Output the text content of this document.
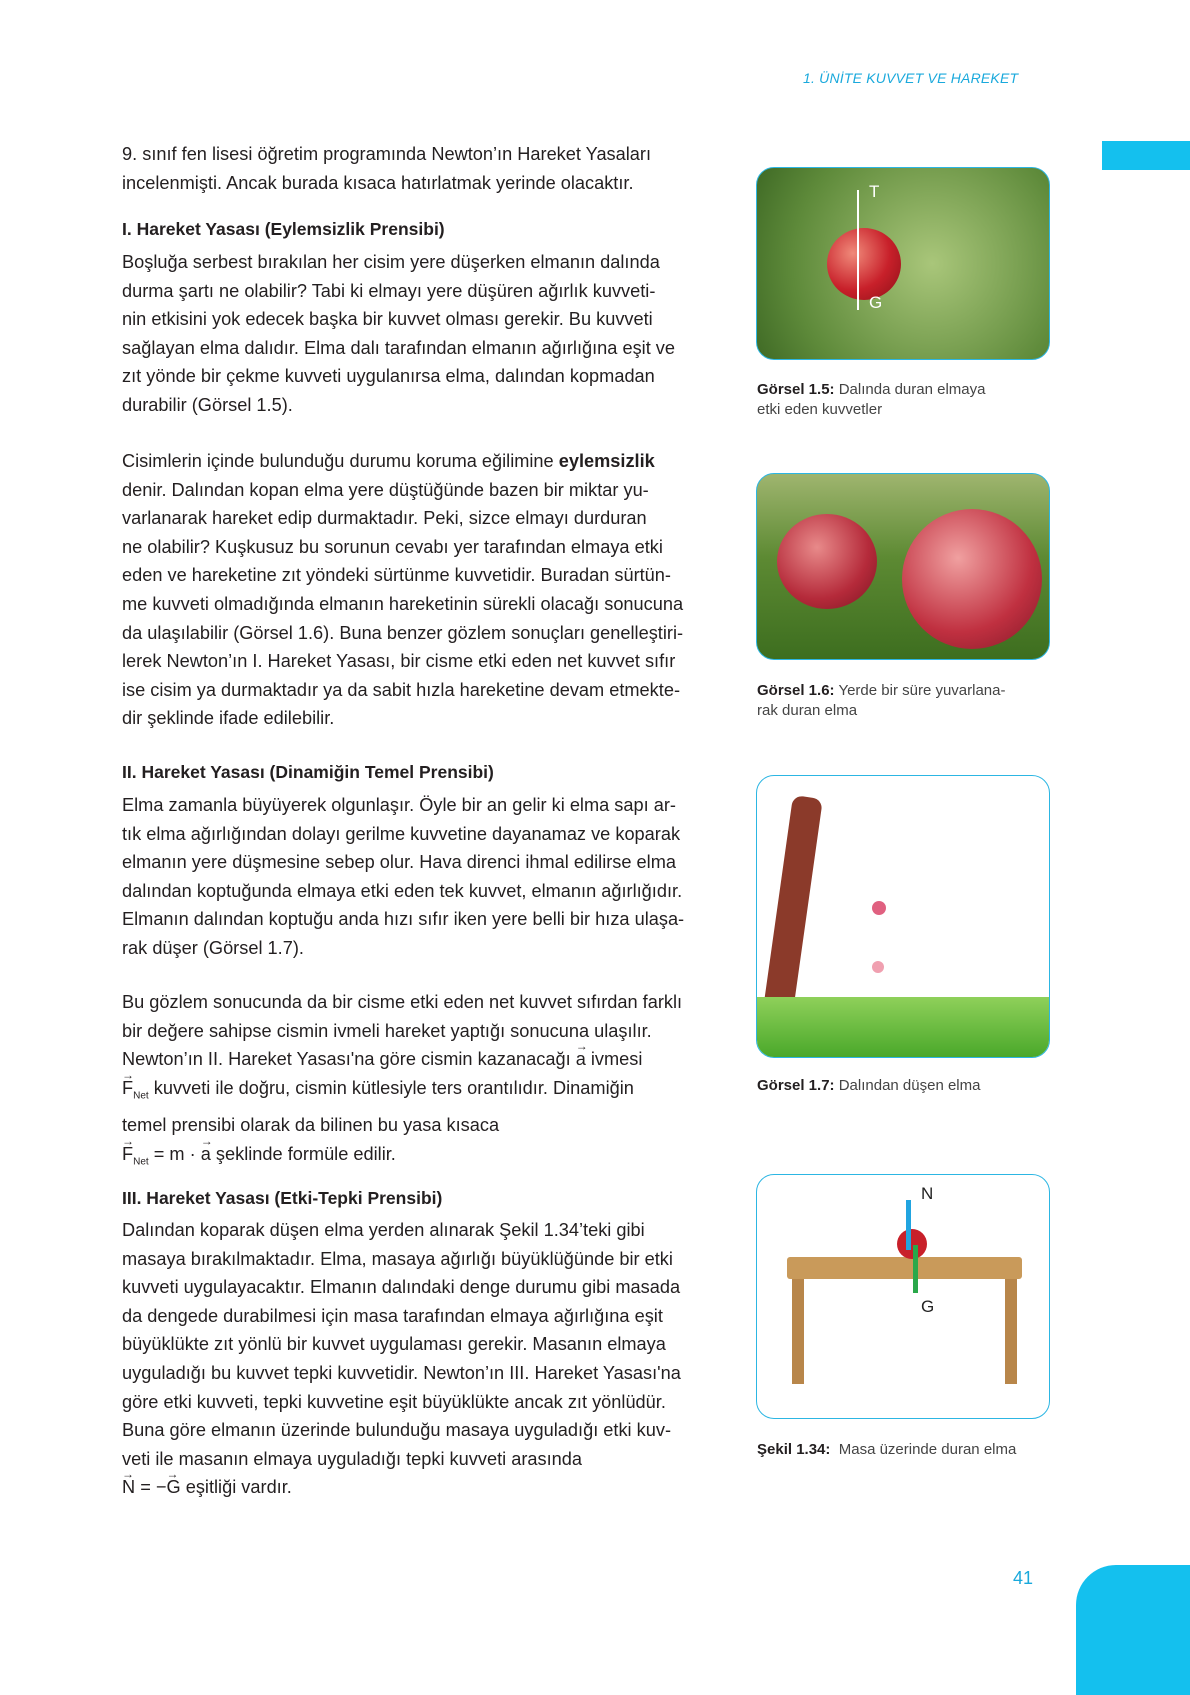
1. ÜNİTE KUVVET VE HAREKET
41
9. sınıf fen lisesi öğretim programında Newton’ın Hareket Yasaları
incelenmişti. Ancak burada kısaca hatırlatmak yerinde olacaktır.
I. Hareket Yasası (Eylemsizlik Prensibi)
Boşluğa serbest bırakılan her cisim yere düşerken elmanın dalında
durma şartı ne olabilir? Tabi ki elmayı yere düşüren ağırlık kuvveti-
nin etkisini yok edecek başka bir kuvvet olması gerekir. Bu kuvveti
sağlayan elma dalıdır. Elma dalı tarafından elmanın ağırlığına eşit ve
zıt yönde bir çekme kuvveti uygulanırsa elma, dalından kopmadan
durabilir (Görsel 1.5).
Cisimlerin içinde bulunduğu durumu koruma eğilimine eylemsizlik
denir. Dalından kopan elma yere düştüğünde bazen bir miktar yu-
varlanarak hareket edip durmaktadır. Peki, sizce elmayı durduran
ne olabilir? Kuşkusuz bu sorunun cevabı yer tarafından elmaya etki
eden ve hareketine zıt yöndeki sürtünme kuvvetidir. Buradan sürtün-
me kuvveti olmadığında elmanın hareketinin sürekli olacağı sonucuna
da ulaşılabilir (Görsel 1.6). Buna benzer gözlem sonuçları genelleştiri-
lerek Newton’ın I. Hareket Yasası, bir cisme etki eden net kuvvet sıfır
ise cisim ya durmaktadır ya da sabit hızla hareketine devam etmekte-
dir şeklinde ifade edilebilir.
II. Hareket Yasası (Dinamiğin Temel Prensibi)
Elma zamanla büyüyerek olgunlaşır. Öyle bir an gelir ki elma sapı ar-
tık elma ağırlığından dolayı gerilme kuvvetine dayanamaz ve koparak
elmanın yere düşmesine sebep olur. Hava direnci ihmal edilirse elma
dalından koptuğunda elmaya etki eden tek kuvvet, elmanın ağırlığıdır.
Elmanın dalından koptuğu anda hızı sıfır iken yere belli bir hıza ulaşa-
rak düşer (Görsel 1.7).
Bu gözlem sonucunda da bir cisme etki eden net kuvvet sıfırdan farklı
bir değere sahipse cismin ivmeli hareket yaptığı sonucuna ulaşılır.
Newton’ın II. Hareket Yasası'na göre cismin kazanacağı → a ivmesi
→ $F_{Net}$ kuvveti ile doğru, cismin kütlesiyle ters orantılıdır. Dinamiğin
temel prensibi olarak da bilinen bu yasa kısaca
→ $F_{Net} = m$ · → a şeklinde formüle edilir.
III. Hareket Yasası (Etki-Tepki Prensibi)
Dalından koparak düşen elma yerden alınarak Şekil 1.34’teki gibi
masaya bırakılmaktadır. Elma, masaya ağırlığı büyüklüğünde bir etki
kuvveti uygulayacaktır. Elmanın dalındaki denge durumu gibi masada
da dengede durabilmesi için masa tarafından elmaya ağırlığına eşit
büyüklükte zıt yönlü bir kuvvet uygulaması gerekir. Masanın elmaya
uyguladığı bu kuvvet tepki kuvvetidir. Newton’ın III. Hareket Yasası'na
göre etki kuvveti, tepki kuvvetine eşit büyüklükte ancak zıt yönlüdür.
Buna göre elmanın üzerinde bulunduğu masaya uyguladığı etki kuv-
veti ile masanın elmaya uyguladığı tepki kuvveti arasında
→ N = −→ G eşitliği vardır.
T
G
Görsel 1.5: Dalında duran elmaya
etki eden kuvvetler
Görsel 1.6: Yerde bir süre yuvarlana-
rak duran elma
Görsel 1.7: Dalından düşen elma
N
G
Şekil 1.34: Masa üzerinde duran elma
